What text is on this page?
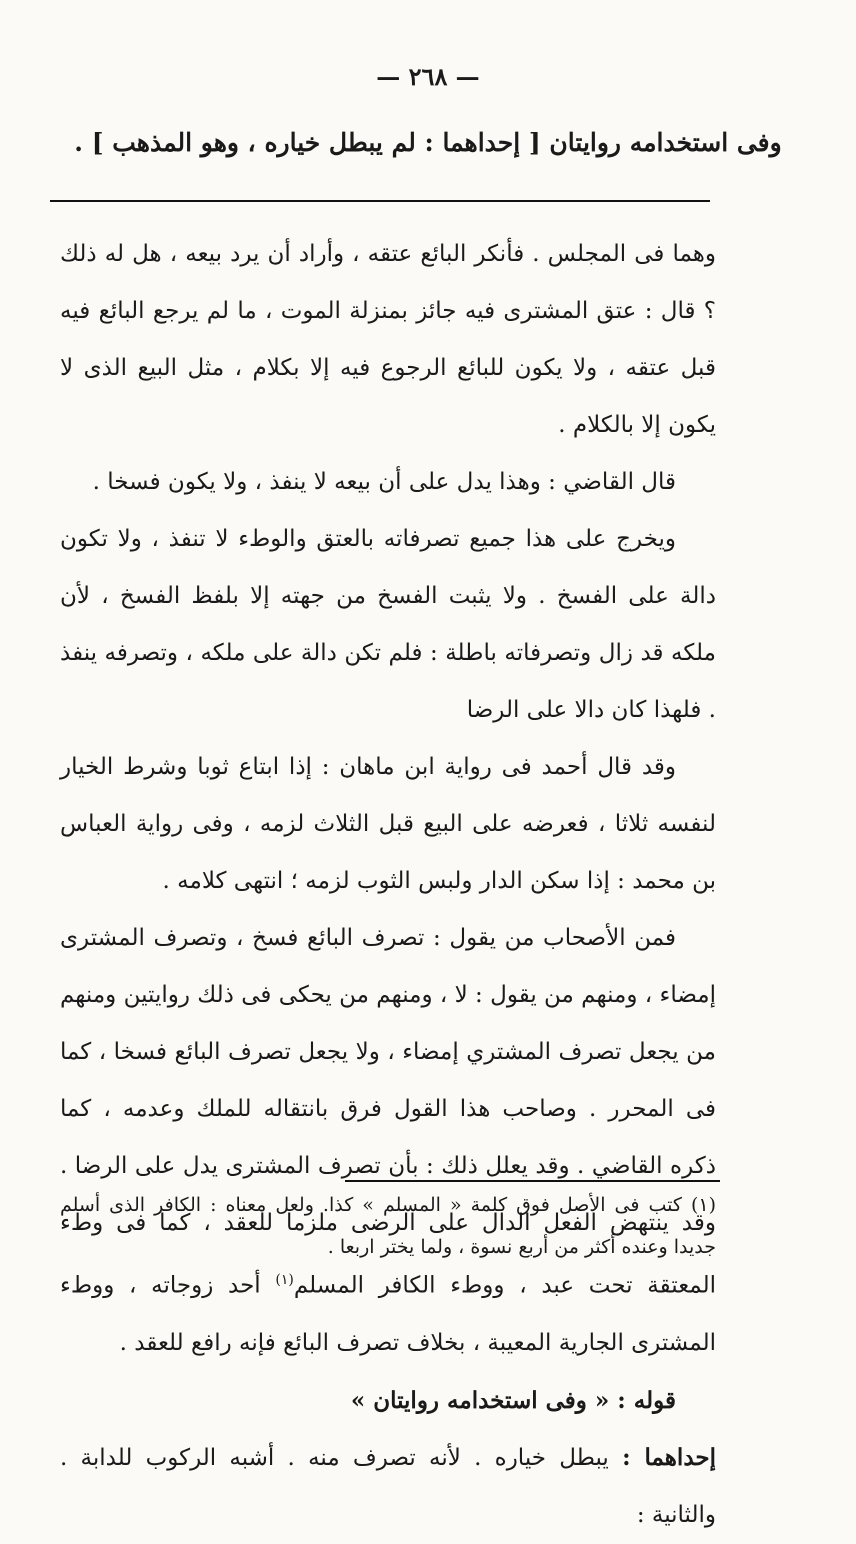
— ٢٦٨ —
وفى استخدامه روايتان [ إحداهما : لم يبطل خياره ، وهو المذهب ] .

وهما فى المجلس . فأنكر البائع عتقه ، وأراد أن يرد بيعه ، هل له ذلك ؟ قال : عتق المشترى فيه جائز بمنزلة الموت ، ما لم يرجع البائع فيه قبل عتقه ، ولا يكون للبائع الرجوع فيه إلا بكلام ، مثل البيع الذى لا يكون إلا بالكلام .

قال القاضي : وهذا يدل على أن بيعه لا ينفذ ، ولا يكون فسخا .

ويخرج على هذا جميع تصرفاته بالعتق والوطء لا تنفذ ، ولا تكون دالة على الفسخ . ولا يثبت الفسخ من جهته إلا بلفظ الفسخ ، لأن ملكه قد زال وتصرفاته باطلة : فلم تكن دالة على ملكه ، وتصرفه ينفذ . فلهذا كان دالا على الرضا

وقد قال أحمد فى رواية ابن ماهان : إذا ابتاع ثوبا وشرط الخيار لنفسه ثلاثا ، فعرضه على البيع قبل الثلاث لزمه ، وفى رواية العباس بن محمد : إذا سكن الدار ولبس الثوب لزمه ؛ انتهى كلامه .

فمن الأصحاب من يقول : تصرف البائع فسخ ، وتصرف المشترى إمضاء ، ومنهم من يقول : لا ، ومنهم من يحكى فى ذلك روايتين ومنهم من يجعل تصرف المشتري إمضاء ، ولا يجعل تصرف البائع فسخا ، كما فى المحرر . وصاحب هذا القول فرق بانتقاله للملك وعدمه ، كما ذكره القاضي . وقد يعلل ذلك : بأن تصرف المشترى يدل على الرضا . وقد ينتهض الفعل الدال على الرضى ملزما للعقد ، كما فى وطء المعتقة تحت عبد ، ووطء الكافر المسلم$^{(١)}$ أحد زوجاته ، ووطء المشترى الجارية المعيبة ، بخلاف تصرف البائع فإنه رافع للعقد .

قوله : « وفى استخدامه روايتان »

إحداهما : يبطل خياره . لأنه تصرف منه . أشبه الركوب للدابة . والثانية :

(١) كتب فى الأصل فوق كلمة « المسلم » كذا. ولعل معناه : الكافر الذى أسلم جديدا وعنده أكثر من أربع نسوة ، ولما يختر اربعا .
